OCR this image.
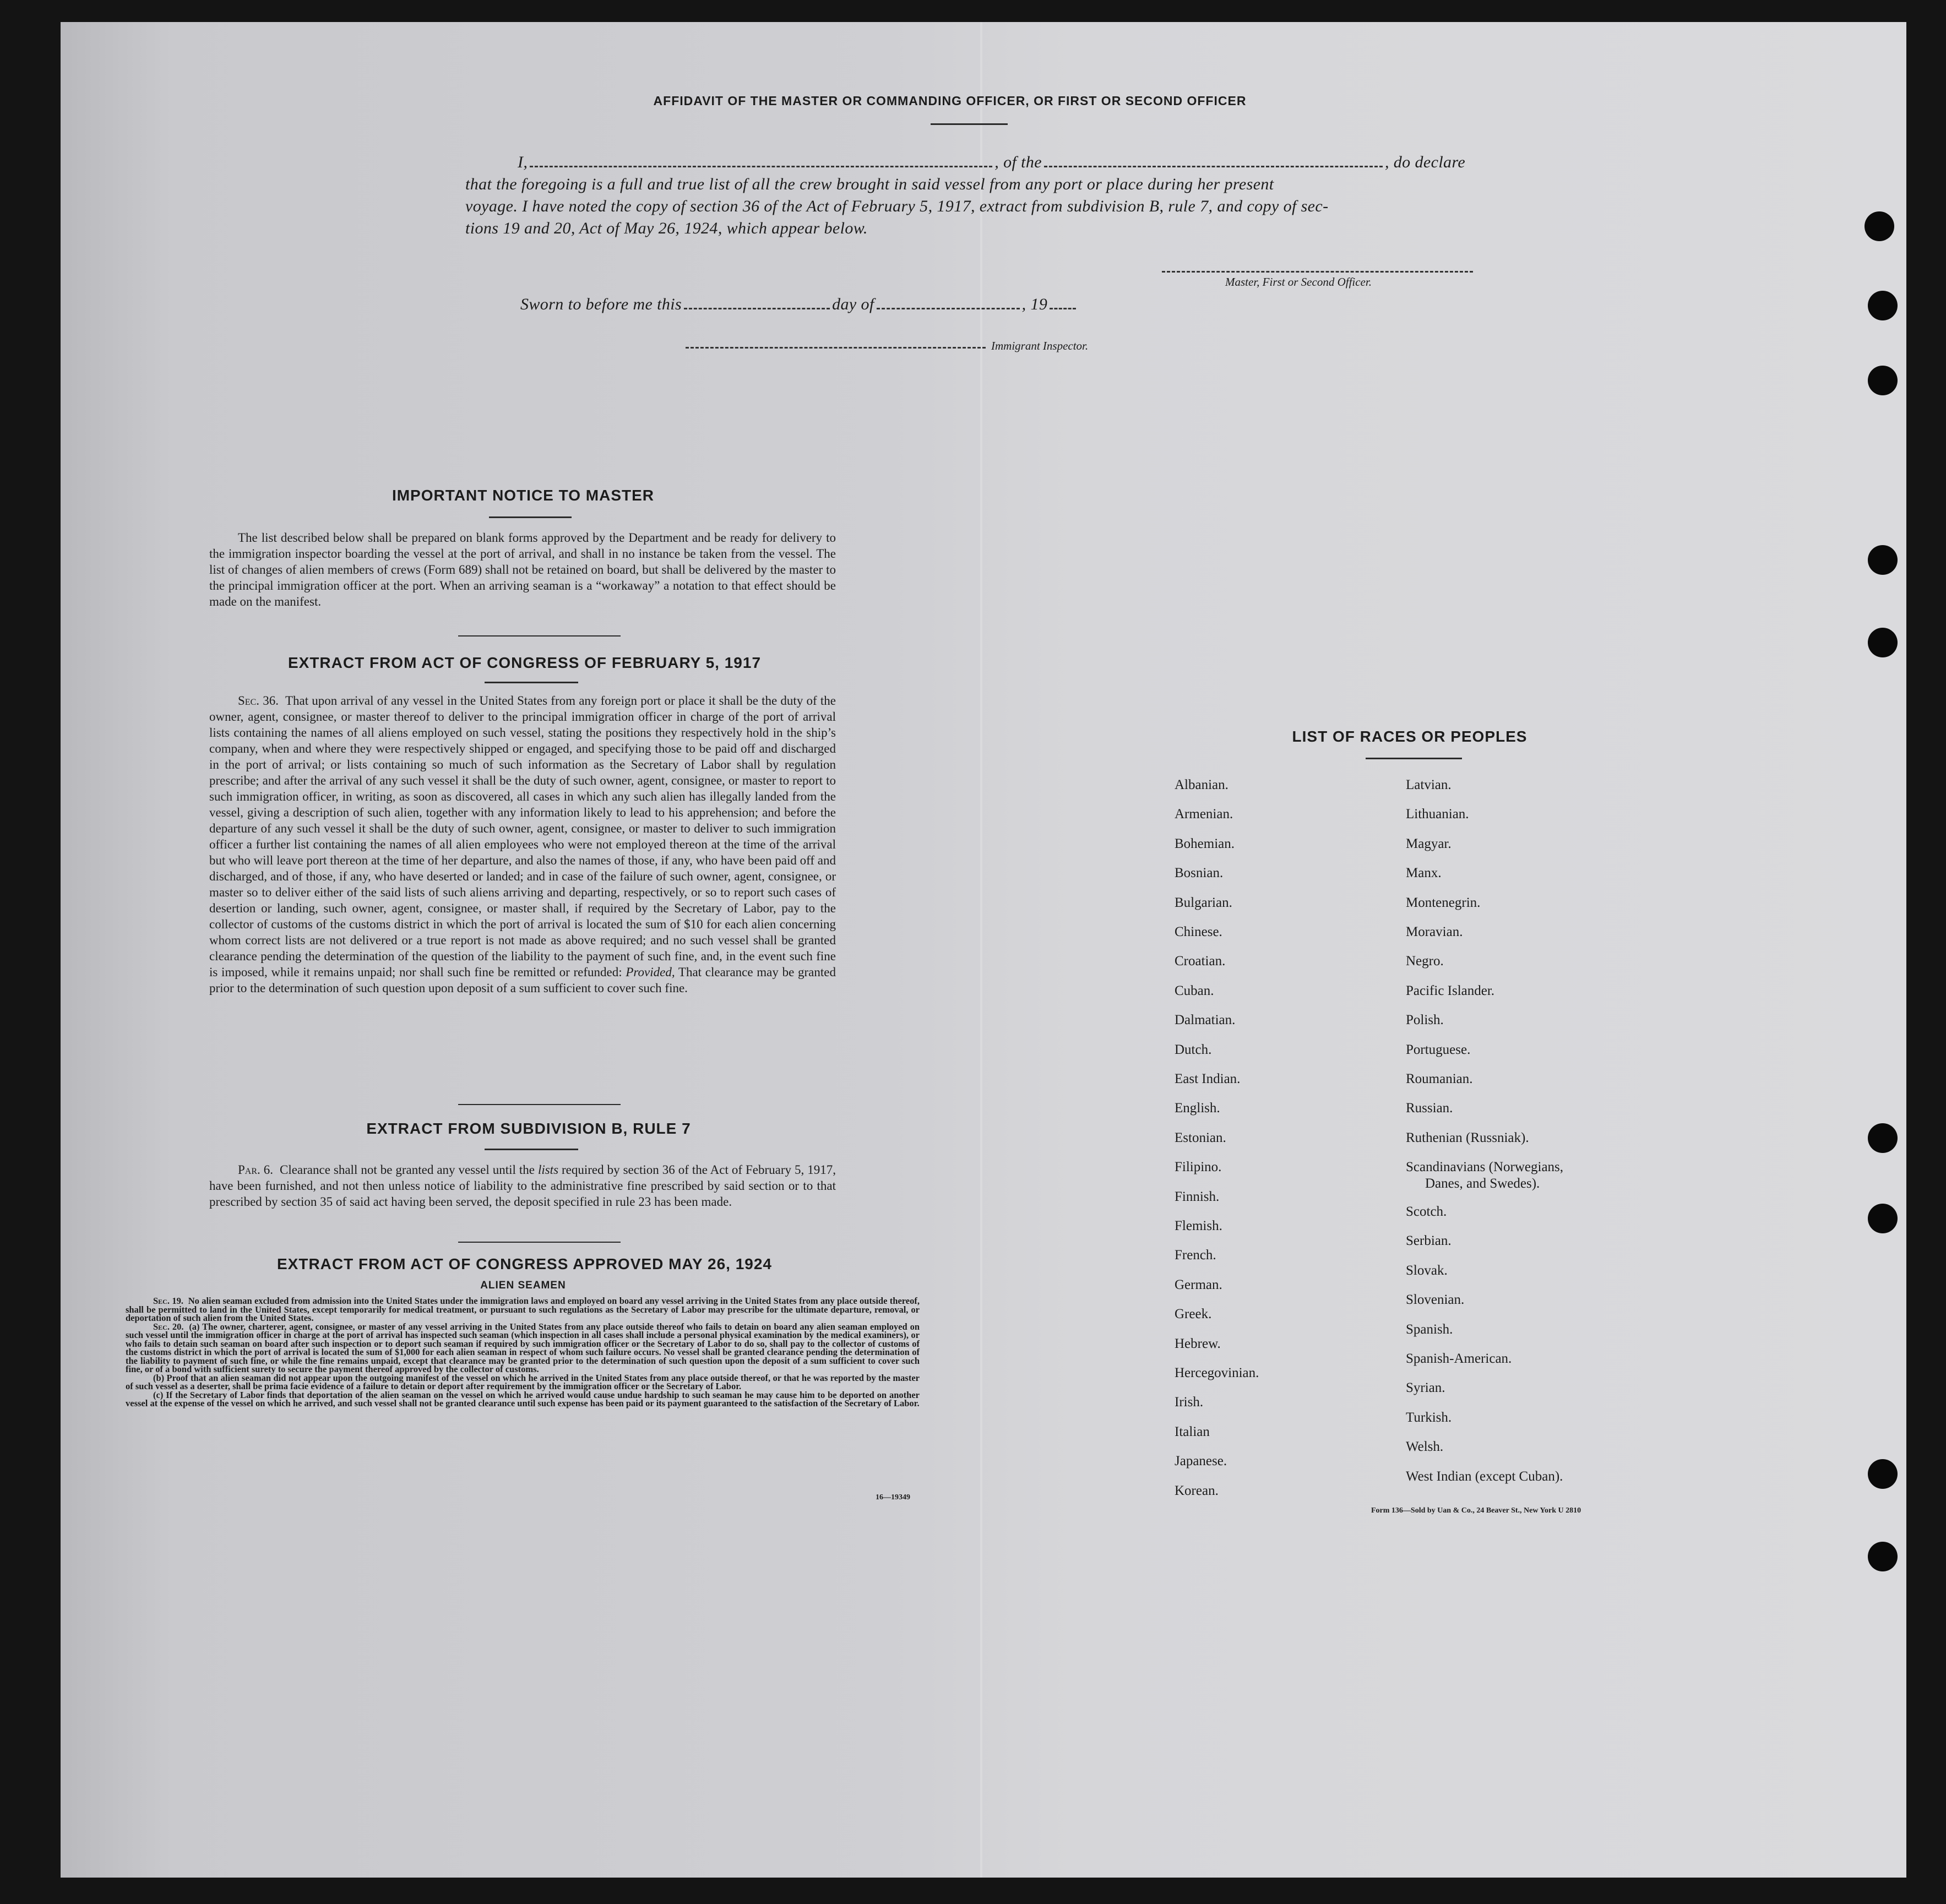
AFFIDAVIT OF THE MASTER OR COMMANDING OFFICER, OR FIRST OR SECOND OFFICER
I,	, of the	, do declare
that the foregoing is a full and true list of all the crew brought in said vessel from any port or place during her present
voyage. I have noted the copy of section 36 of the Act of February 5, 1917, extract from subdivision B, rule 7, and copy of sec-
tions 19 and 20, Act of May 26, 1924, which appear below.
Master, First or Second Officer.
Sworn to before me this	day of	, 19
Immigrant Inspector.
IMPORTANT NOTICE TO MASTER
The list described below shall be prepared on blank forms approved by the Department and be ready for delivery to the immigration inspector boarding the vessel at the port of arrival, and shall in no instance be taken from the vessel. The list of changes of alien members of crews (Form 689) shall not be retained on board, but shall be delivered by the master to the principal immigration officer at the port. When an arriving seaman is a “workaway” a notation to that effect should be made on the manifest.
EXTRACT FROM ACT OF CONGRESS OF FEBRUARY 5, 1917
Sec. 36. That upon arrival of any vessel in the United States from any foreign port or place it shall be the duty of the owner, agent, consignee, or master thereof to deliver to the principal immigration officer in charge of the port of arrival lists containing the names of all aliens employed on such vessel, stating the positions they respectively hold in the ship’s company, when and where they were respectively shipped or engaged, and specifying those to be paid off and discharged in the port of arrival; or lists containing so much of such information as the Secretary of Labor shall by regulation prescribe; and after the arrival of any such vessel it shall be the duty of such owner, agent, consignee, or master to report to such immigration officer, in writing, as soon as discovered, all cases in which any such alien has illegally landed from the vessel, giving a description of such alien, together with any information likely to lead to his apprehension; and before the departure of any such vessel it shall be the duty of such owner, agent, consignee, or master to deliver to such immigration officer a further list containing the names of all alien employees who were not employed thereon at the time of the arrival but who will leave port thereon at the time of her departure, and also the names of those, if any, who have been paid off and discharged, and of those, if any, who have deserted or landed; and in case of the failure of such owner, agent, consignee, or master so to deliver either of the said lists of such aliens arriving and departing, respectively, or so to report such cases of desertion or landing, such owner, agent, consignee, or master shall, if required by the Secretary of Labor, pay to the collector of customs of the customs district in which the port of arrival is located the sum of $10 for each alien concerning whom correct lists are not delivered or a true report is not made as above required; and no such vessel shall be granted clearance pending the determination of the question of the liability to the payment of such fine, and, in the event such fine is imposed, while it remains unpaid; nor shall such fine be remitted or refunded: Provided, That clearance may be granted prior to the determination of such question upon deposit of a sum sufficient to cover such fine.
EXTRACT FROM SUBDIVISION B, RULE 7
Par. 6. Clearance shall not be granted any vessel until the lists required by section 36 of the Act of February 5, 1917, have been furnished, and not then unless notice of liability to the administrative fine prescribed by said section or to that prescribed by section 35 of said act having been served, the deposit specified in rule 23 has been made.
EXTRACT FROM ACT OF CONGRESS APPROVED MAY 26, 1924
ALIEN SEAMEN
Sec. 19. No alien seaman excluded from admission into the United States under the immigration laws and employed on board any vessel arriving in the United States from any place outside thereof, shall be permitted to land in the United States, except temporarily for medical treatment, or pursuant to such regulations as the Secretary of Labor may prescribe for the ultimate departure, removal, or deportation of such alien from the United States.
Sec. 20. (a) The owner, charterer, agent, consignee, or master of any vessel arriving in the United States from any place outside thereof who fails to detain on board any alien seaman employed on such vessel until the immigration officer in charge at the port of arrival has inspected such seaman (which inspection in all cases shall include a personal physical examination by the medical examiners), or who fails to detain such seaman on board after such inspection or to deport such seaman if required by such immigration officer or the Secretary of Labor to do so, shall pay to the collector of customs of the customs district in which the port of arrival is located the sum of $1,000 for each alien seaman in respect of whom such failure occurs. No vessel shall be granted clearance pending the determination of the liability to payment of such fine, or while the fine remains unpaid, except that clearance may be granted prior to the determination of such question upon the deposit of a sum sufficient to cover such fine, or of a bond with sufficient surety to secure the payment thereof approved by the collector of customs.
(b) Proof that an alien seaman did not appear upon the outgoing manifest of the vessel on which he arrived in the United States from any place outside thereof, or that he was reported by the master of such vessel as a deserter, shall be prima facie evidence of a failure to detain or deport after requirement by the immigration officer or the Secretary of Labor.
(c) If the Secretary of Labor finds that deportation of the alien seaman on the vessel on which he arrived would cause undue hardship to such seaman he may cause him to be deported on another vessel at the expense of the vessel on which he arrived, and such vessel shall not be granted clearance until such expense has been paid or its payment guaranteed to the satisfaction of the Secretary of Labor.
16—19349
LIST OF RACES OR PEOPLES
Albanian.
Armenian.
Bohemian.
Bosnian.
Bulgarian.
Chinese.
Croatian.
Cuban.
Dalmatian.
Dutch.
East Indian.
English.
Estonian.
Filipino.
Finnish.
Flemish.
French.
German.
Greek.
Hebrew.
Hercegovinian.
Irish.
Italian
Japanese.
Korean.
Latvian.
Lithuanian.
Magyar.
Manx.
Montenegrin.
Moravian.
Negro.
Pacific Islander.
Polish.
Portuguese.
Roumanian.
Russian.
Ruthenian (Russniak).
Scandinavians (Norwegians,
Danes, and Swedes).
Scotch.
Serbian.
Slovak.
Slovenian.
Spanish.
Spanish-American.
Syrian.
Turkish.
Welsh.
West Indian (except Cuban).
Form 136—Sold by Uan & Co., 24 Beaver St., New York U 2810
